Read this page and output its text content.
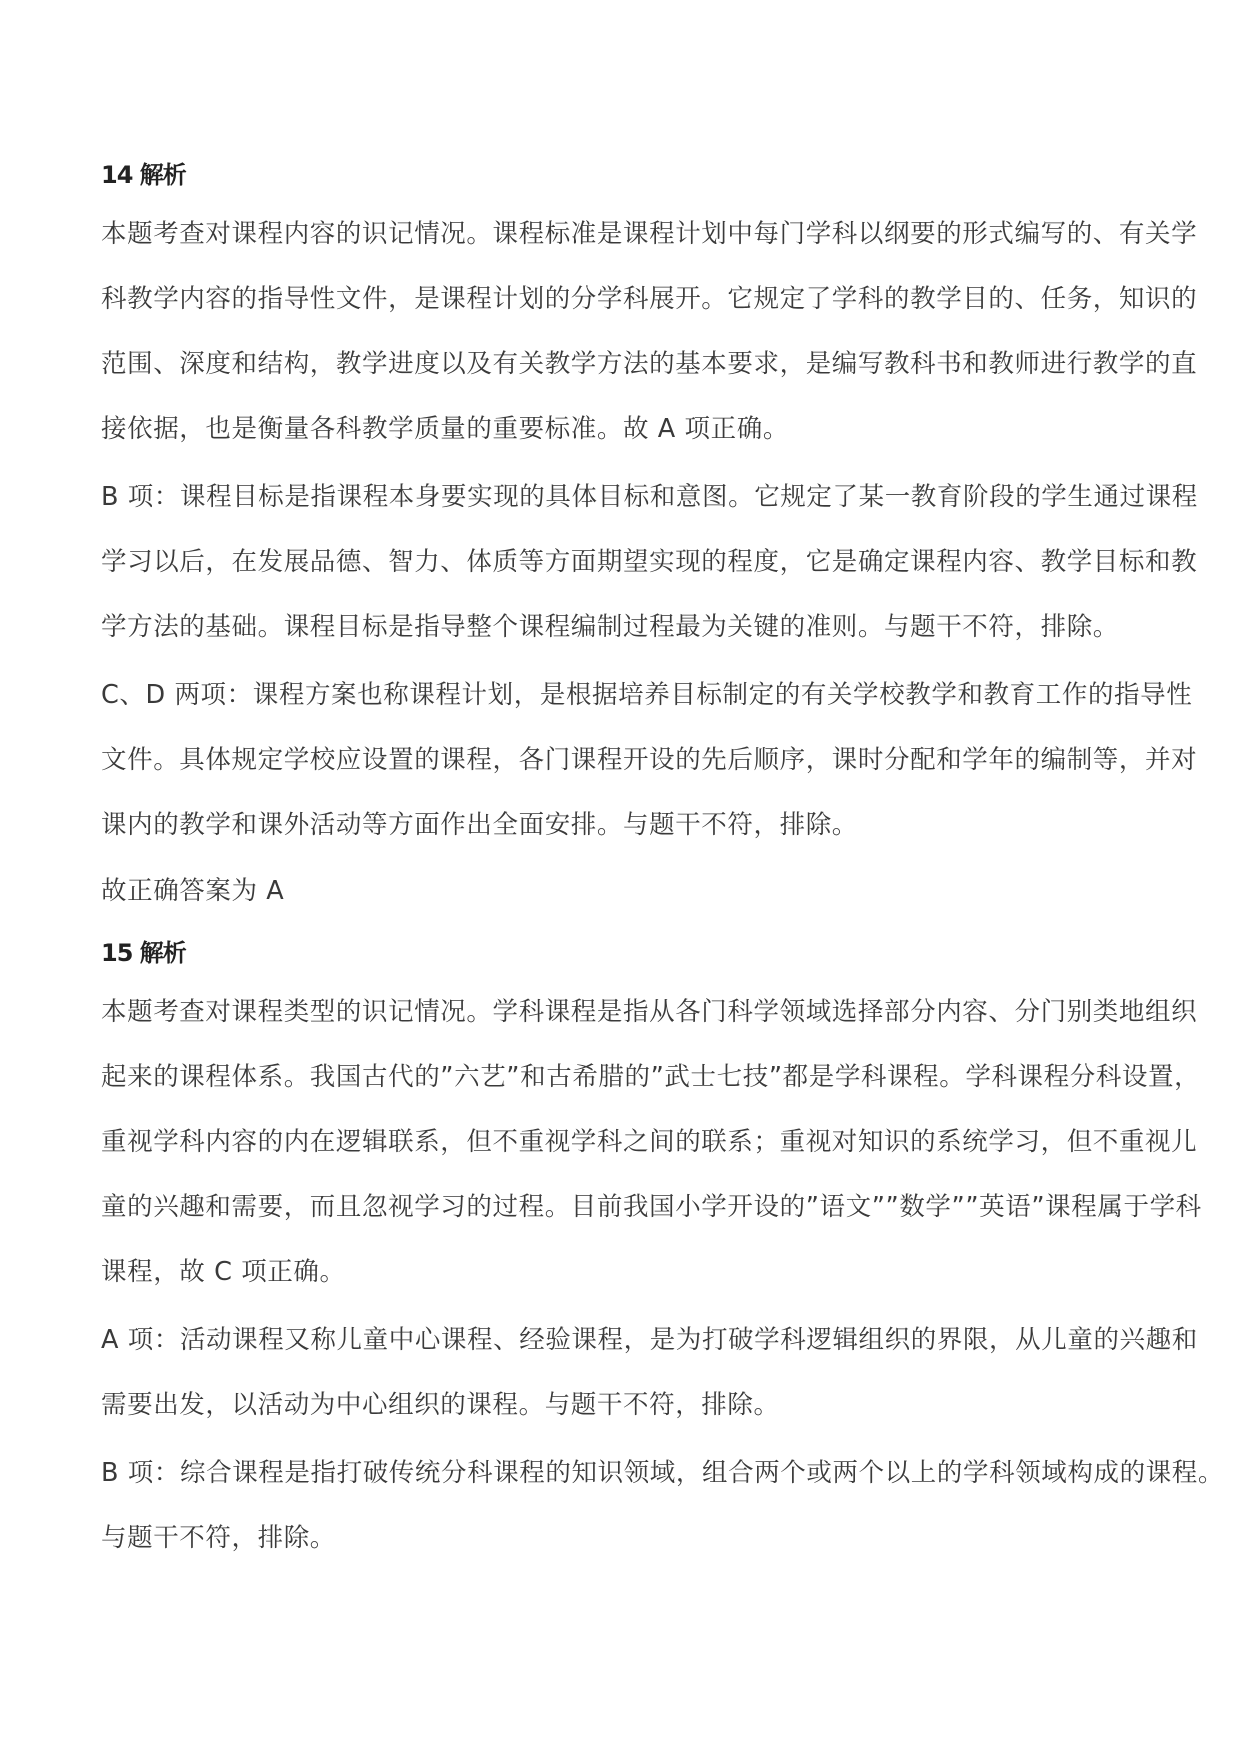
14 解析
本题考查对课程内容的识记情况。课程标准是课程计划中每门学科以纲要的形式编写的、有关学
科教学内容的指导性文件，是课程计划的分学科展开。它规定了学科的教学目的、任务，知识的
范围、深度和结构，教学进度以及有关教学方法的基本要求，是编写教科书和教师进行教学的直
接依据，也是衡量各科教学质量的重要标准。故 A 项正确。
B 项：课程目标是指课程本身要实现的具体目标和意图。它规定了某一教育阶段的学生通过课程
学习以后，在发展品德、智力、体质等方面期望实现的程度，它是确定课程内容、教学目标和教
学方法的基础。课程目标是指导整个课程编制过程最为关键的准则。与题干不符，排除。
C、D 两项：课程方案也称课程计划，是根据培养目标制定的有关学校教学和教育工作的指导性
文件。具体规定学校应设置的课程，各门课程开设的先后顺序，课时分配和学年的编制等，并对
课内的教学和课外活动等方面作出全面安排。与题干不符，排除。
故正确答案为 A
15 解析
本题考查对课程类型的识记情况。学科课程是指从各门科学领域选择部分内容、分门别类地组织
起来的课程体系。我国古代的”六艺”和古希腊的”武士七技”都是学科课程。学科课程分科设置，
重视学科内容的内在逻辑联系，但不重视学科之间的联系；重视对知识的系统学习，但不重视儿
童的兴趣和需要，而且忽视学习的过程。目前我国小学开设的”语文””数学””英语”课程属于学科
课程，故 C 项正确。
A 项：活动课程又称儿童中心课程、经验课程，是为打破学科逻辑组织的界限，从儿童的兴趣和
需要出发，以活动为中心组织的课程。与题干不符，排除。
B 项：综合课程是指打破传统分科课程的知识领域，组合两个或两个以上的学科领域构成的课程。
与题干不符，排除。
